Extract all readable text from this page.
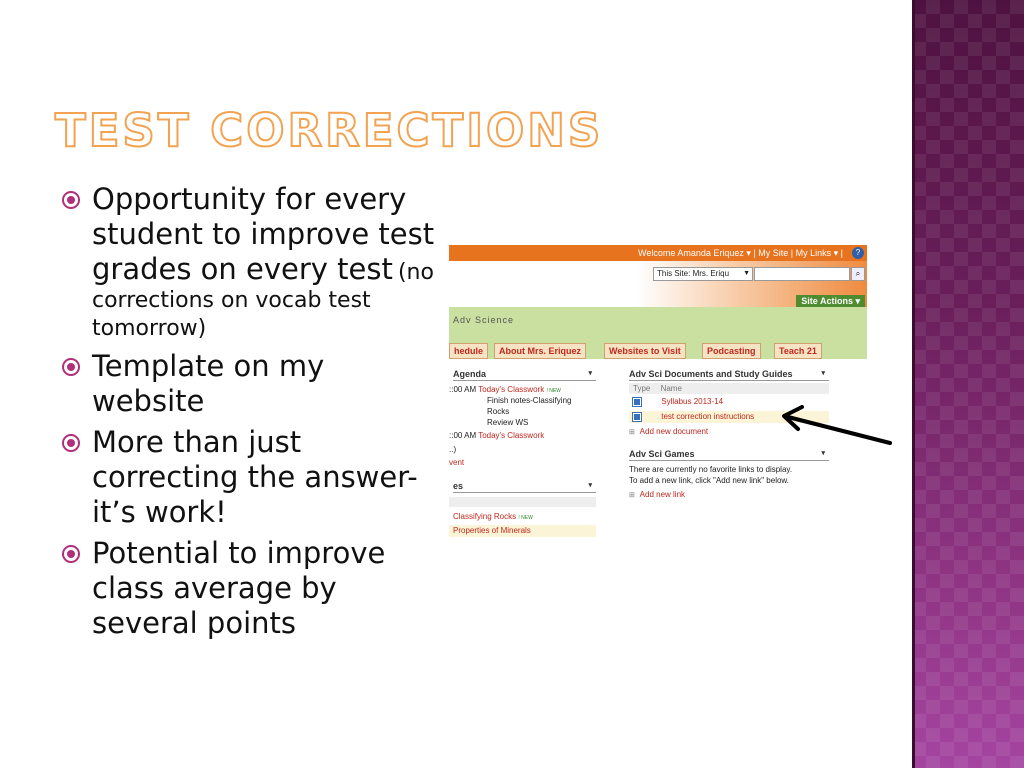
TEST CORRECTIONS
Opportunity for every student to improve test grades on every test (no corrections on vocab test tomorrow)
Template on my website
More than just correcting the answer-it’s work!
Potential to improve class average by several points
Welcome Amanda Eriquez ▾ | My Site | My Links ▾ |	?
This Site: Mrs. Eriqu ▼	⌕
Site Actions ▾
Adv Science
hedule	About Mrs. Eriquez	Websites to Visit	Podcasting	Teach 21
Agenda	▾
::00 AM Today's Classwork ! NEW
Finish notes-Classifying
Rocks
Review WS
::00 AM Today's Classwork
..)
vent
es	▾
Classifying Rocks ! NEW
Properties of Minerals
Adv Sci Documents and Study Guides	▾
Type Name
Syllabus 2013-14
test correction instructions
⊞ Add new document
Adv Sci Games	▾
There are currently no favorite links to display.
To add a new link, click "Add new link" below.
⊞ Add new link
